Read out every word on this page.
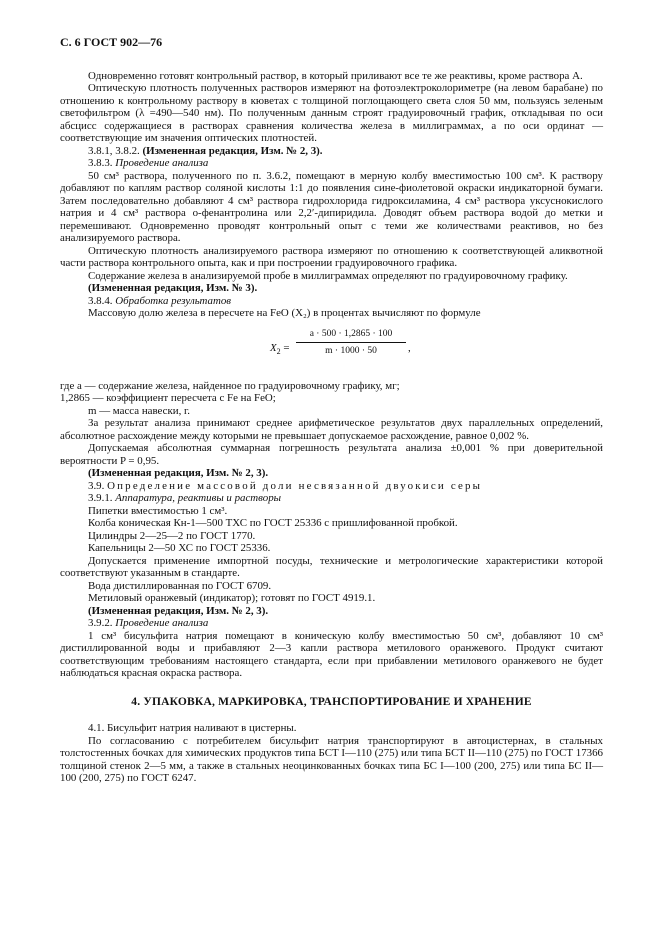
С. 6 ГОСТ 902—76

Одновременно готовят контрольный раствор, в который приливают все те же реактивы, кроме раствора А.

Оптическую плотность полученных растворов измеряют на фотоэлектроколориметре (на левом барабане) по отношению к контрольному раствору в кюветах с толщиной поглощающего света слоя 50 мм, пользуясь зеленым светофильтром (λ =490—540 нм). По полученным данным строят градуировочный график, откладывая по оси абсцисс содержащиеся в растворах сравнения количества железа в миллиграммах, а по оси ординат — соответствующие им значения оптических плотностей.

3.8.1, 3.8.2. (Измененная редакция, Изм. № 2, 3).

3.8.3. Проведение анализа

50 см³ раствора, полученного по п. 3.6.2, помещают в мерную колбу вместимостью 100 см³. К раствору добавляют по каплям раствор соляной кислоты 1:1 до появления сине-фиолетовой окраски индикаторной бумаги. Затем последовательно добавляют 4 см³ раствора гидрохлорида гидроксиламина, 4 см³ раствора уксуснокислого натрия и 4 см³ раствора о-фенантролина или 2,2′-дипиридила. Доводят объем раствора водой до метки и перемешивают. Одновременно проводят контрольный опыт с теми же количествами реактивов, но без анализируемого раствора.

Оптическую плотность анализируемого раствора измеряют по отношению к соответствующей аликвотной части раствора контрольного опыта, как и при построении градуировочного графика.

Содержание железа в анализируемой пробе в миллиграммах определяют по градуировочному графику.

(Измененная редакция, Изм. № 3).

3.8.4. Обработка результатов

Массовую долю железа в пересчете на FeO (X₂) в процентах вычисляют по формуле

$X_2 = \frac{a \cdot 500 \cdot 1,2865 \cdot 100}{m \cdot 1000 \cdot 50}$ ,
где a — содержание железа, найденное по градуировочному графику, мг;
1,2865 — коэффициент пересчета с Fe на FeO;
m — масса навески, г.

За результат анализа принимают среднее арифметическое результатов двух параллельных определений, абсолютное расхождение между которыми не превышает допускаемое расхождение, равное 0,002 %.

Допускаемая абсолютная суммарная погрешность результата анализа ±0,001 % при доверительной вероятности P = 0,95.

(Измененная редакция, Изм. № 2, 3).

3.9. Определение массовой доли несвязанной двуокиси серы

3.9.1. Аппаратура, реактивы и растворы

Пипетки вместимостью 1 см³.

Колба коническая Кн-1—500 ТХС по ГОСТ 25336 с пришлифованной пробкой.

Цилиндры 2—25—2 по ГОСТ 1770.

Капельницы 2—50 ХС по ГОСТ 25336.

Допускается применение импортной посуды, технические и метрологические характеристики которой соответствуют указанным в стандарте.

Вода дистиллированная по ГОСТ 6709.

Метиловый оранжевый (индикатор); готовят по ГОСТ 4919.1.

(Измененная редакция, Изм. № 2, 3).

3.9.2. Проведение анализа

1 см³ бисульфита натрия помещают в коническую колбу вместимостью 50 см³, добавляют 10 см³ дистиллированной воды и прибавляют 2—3 капли раствора метилового оранжевого. Продукт считают соответствующим требованиям настоящего стандарта, если при прибавлении метилового оранжевого не будет наблюдаться красная окраска раствора.

4. УПАКОВКА, МАРКИРОВКА, ТРАНСПОРТИРОВАНИЕ И ХРАНЕНИЕ

4.1. Бисульфит натрия наливают в цистерны.

По согласованию с потребителем бисульфит натрия транспортируют в автоцистернах, в стальных толстостенных бочках для химических продуктов типа БСТ I—110 (275) или типа БСТ II—110 (275) по ГОСТ 17366 толщиной стенок 2—5 мм, а также в стальных неоцинкованных бочках типа БС I—100 (200, 275) или типа БС II—100 (200, 275) по ГОСТ 6247.
